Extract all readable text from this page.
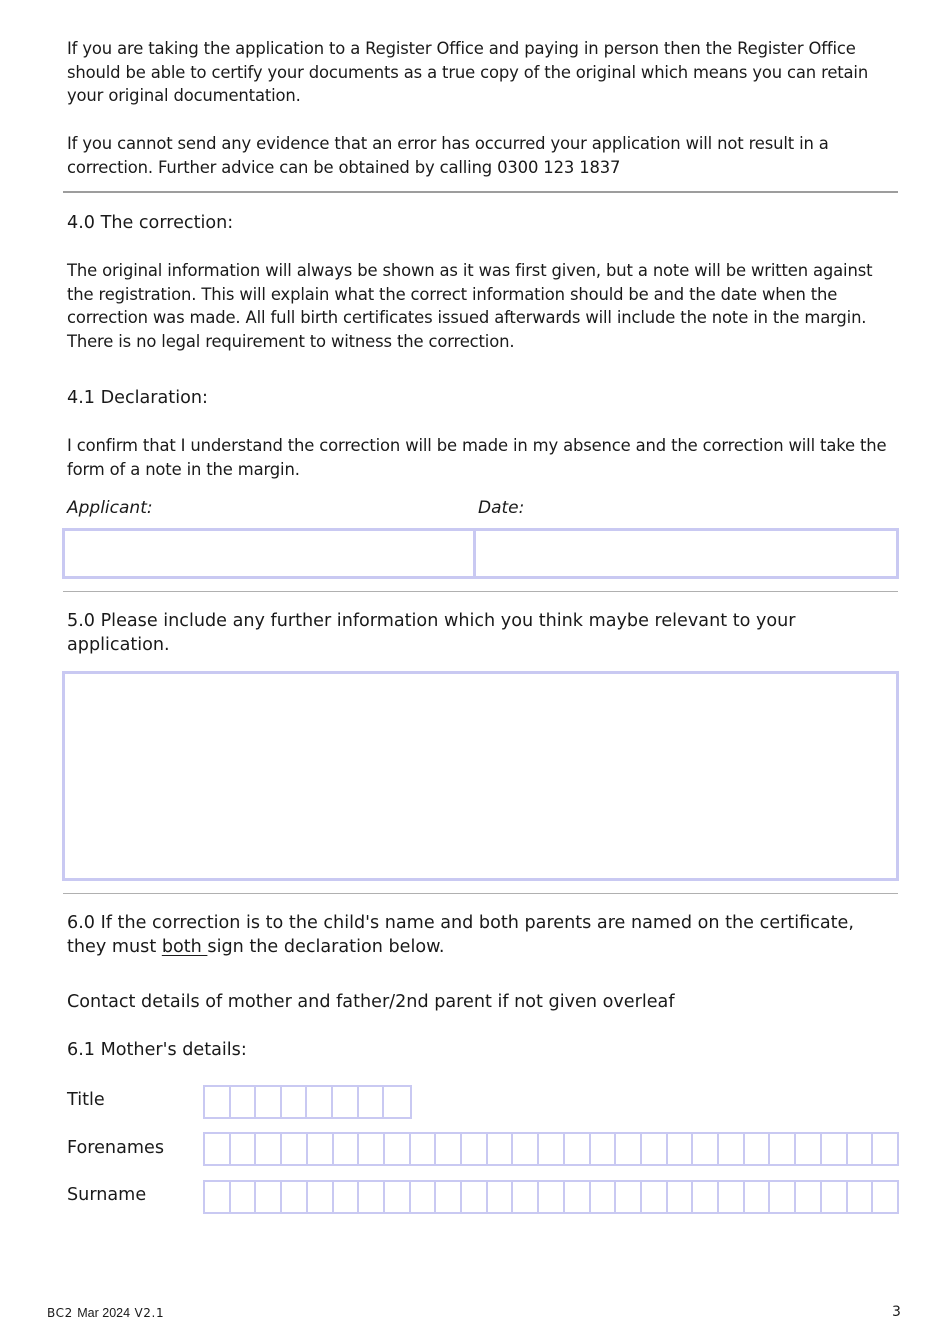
If you are taking the application to a Register Office and paying in person then the Register Office should be able to certify your documents as a true copy of the original which means you can retain your original documentation.
If you cannot send any evidence that an error has occurred your application will not result in a correction. Further advice can be obtained by calling 0300 123 1837
4.0 The correction:
The original information will always be shown as it was first given, but a note will be written against the registration. This will explain what the correct information should be and the date when the correction was made. All full birth certificates issued afterwards will include the note in the margin. There is no legal requirement to witness the correction.
4.1 Declaration:
I confirm that I understand the correction will be made in my absence and the correction will take the form of a note in the margin.
Applicant:	Date:
5.0 Please include any further information which you think maybe relevant to your application.
6.0 If the correction is to the child's name and both parents are named on the certificate, they must both sign the declaration below.
Contact details of mother and father/2nd parent if not given overleaf
6.1 Mother's details:
Title
Forenames
Surname
BC2 Mar 2024 V2.1	3
